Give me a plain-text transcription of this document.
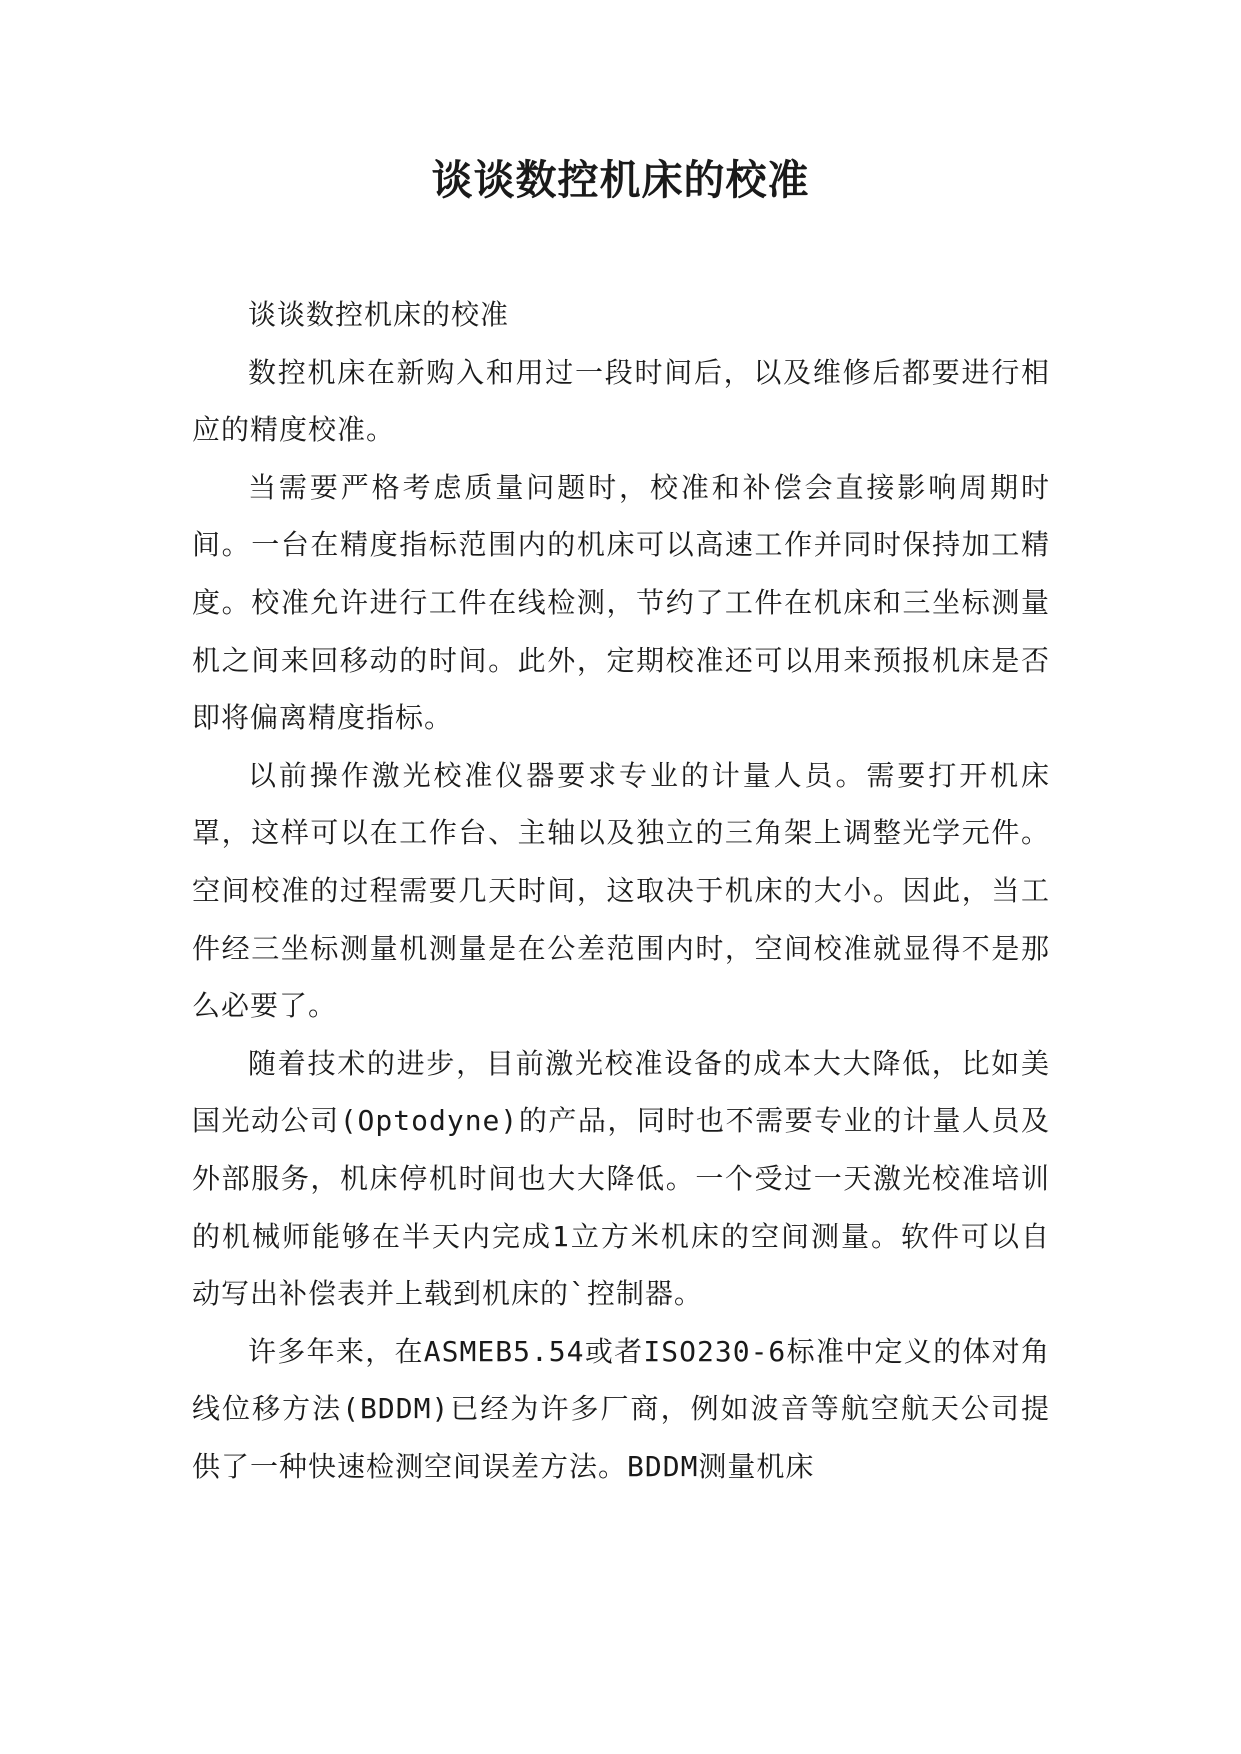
谈谈数控机床的校准

谈谈数控机床的校准

数控机床在新购入和用过一段时间后，以及维修后都要进行相应的精度校准。

当需要严格考虑质量问题时，校准和补偿会直接影响周期时间。一台在精度指标范围内的机床可以高速工作并同时保持加工精度。校准允许进行工件在线检测，节约了工件在机床和三坐标测量机之间来回移动的时间。此外，定期校准还可以用来预报机床是否即将偏离精度指标。

以前操作激光校准仪器要求专业的计量人员。需要打开机床罩，这样可以在工作台、主轴以及独立的三角架上调整光学元件。空间校准的过程需要几天时间，这取决于机床的大小。因此，当工件经三坐标测量机测量是在公差范围内时，空间校准就显得不是那么必要了。

随着技术的进步，目前激光校准设备的成本大大降低，比如美国光动公司(Optodyne)的产品，同时也不需要专业的计量人员及外部服务，机床停机时间也大大降低。一个受过一天激光校准培训的机械师能够在半天内完成1立方米机床的空间测量。软件可以自动写出补偿表并上载到机床的`控制器。

许多年来，在ASMEB5.54或者ISO230-6标准中定义的体对角线位移方法(BDDM)已经为许多厂商，例如波音等航空航天公司提供了一种快速检测空间误差方法。BDDM测量机床
